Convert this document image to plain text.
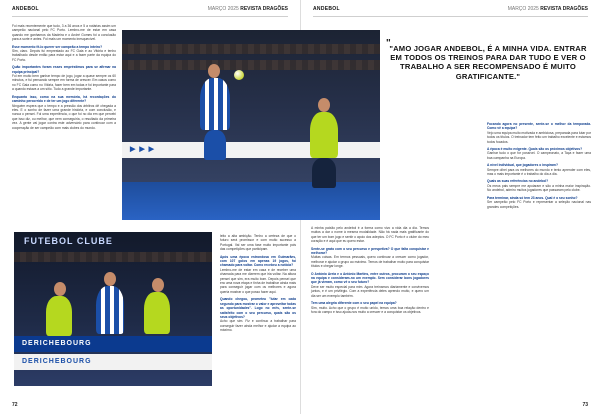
ANDEBOL	MARÇO 2025 REVISTA DRAGÕES

Foi mais recentemente que tudo, 3 a 36 anos e 5 a notárias assim um campeão nacional pelo FC Porto. Lembro-me de estar em casa quando me ganhamos da Madeira e o André Gomes foi a conclusão para a sorte e antes. Foi mais um momento inesquecível.

Esse momento fê-lo querer ser campeão a tempo inteiro?

Sim, claro. Depois fui emprestado ao FC Gaia e ao Vitória e tenho trabalhado desde então para estar aqui e a fazer parte da equipa do FC Porto.

Quão importantes foram esses empréstimos para se afirmar na equipa principal?

Foi em muito bem ganhar tempo de jogo, jogar a quase sempre os 60 minutos, e fui pensando sempre em forma de crescer. Em casos como no FC Gaia como no Vitória, fazer bem em todas e foi importante para a quando estava a um sítio. Tudo a grande importante.

Enquanto isso, como na sua memória, há recordações do caminho percorrido e de ter um jogo diferente?

Ninguém espera que o tempo e a pressão dos árbitros dê chegada a eles. E o sonho de fazer uma grande história, e com conclusão, e nunca o pensei. Foi uma experiência, o que foi no dia em que percebi que isso diz, ou melhor, que nem conseguiria, o resultado da primeira vez. A gente vai jogar contra este adversário para continuar com a cooperação de ser campeão com mais clubes do mundo.

leito a alta ambição. Tenho a certeza de que o futuro será promissor e com muito sucesso a Portugal. Vai ser uma fase muito importante pois das competições que participam.

Após uma época estrondosa em Guimarães, com 107 golos em apenas 19 jogos, foi chamado para voltar. Como recebeu a notícia?

Lembro-me de estar em casa e de receber uma chamada para me dizerem que iria voltar. Na altura pensei que sim, era muito bom. Depois pensei que era uma nova etapa e tinha de trabalhar ainda mais para conseguir jogar com os melhores e agora queria mostrar o que posso fazer aqui.

Quando chegou, prometeu "lutar em cada segundo para mostrar o valor e aproveitar todas as oportunidades". Logo no mês, sente-se satisfeito com o seu percurso, quais são os seus objetivos?

Acho que sim. Fiz e continuo a trabalhar para conseguir fazer ainda melhor e ajudar a equipa ao máximo.

72
ANDEBOL	MARÇO 2025 REVISTA DRAGÕES

A minha paixão pelo andebol é a forma como vivo a vida dia a dia. Temos muitos a dar o nome à mesma modalidade. Não há nada mais gratificante do que ter um bom jogo e sentir o apoio dos adeptos. O FC Porto é o clube do meu coração e é aqui que eu quero estar.

Sente-se grato com o seu percurso e perspetiva? O que falta conquistar e melhorar?

Muitas coisas. Em termos pessoais, quero continuar a crescer como jogador, melhorar e ajudar o grupo ao máximo. Temos de trabalhar muito para conquistar títulos e chegar longe.

O António Areia e o António Martins, entre outros, procuram o seu espaço na equipa e consideram-no um exemplo. Sem considerar bons jogadores que já vieram, como vê o seu futuro?

Deve ser muito especial para mim. Agora treinamos diariamente e convivemos juntos, e é um privilégio. Com a experiência deles aprendo muito, e quero um dia ser um exemplo também.

Tem uma alegria diferente com o seu papel na equipa?

Sim, muito. Acho que o grupo é muito unido, temos uma boa relação dentro e fora do campo e isso ajuda-nos muito a crescer e a conquistar os objetivos.

Focando agora no presente, sente-se o melhor da temporada. Como vê a equipa?

Vejo uma equipa muito motivada e ambiciosa, preparada para lutar por todos os títulos. O treinador tem feito um trabalho excelente e estamos todos focados.

A época é muito exigente. Quais são os próximos objetivos?

Ganhar tudo o que for possível. O campeonato, a Taça e fazer uma boa campanha na Europa.

A nível individual, que jogadores o inspiram?

Sempre olhei para os melhores do mundo e tento aprender com eles, mas o mais importante é o trabalho do dia a dia.

Quais as suas referências no andebol?

Os meus pais sempre me apoiaram e são a minha maior inspiração. No andebol, admiro muitos jogadores que passaram pelo clube.

Para terminar, ainda só tem 23 anos. Qual é o seu sonho?

Ser campeão pelo FC Porto e representar a seleção nacional nas grandes competições.

73
▶ ▶ ▶
"
"AMO JOGAR ANDEBOL, É A MINHA VIDA. ENTRAR EM TODOS OS TREINOS PARA DAR TUDO E VER O TRABALHO A SER RECOMPENSADO É MUITO GRATIFICANTE."
FUTEBOL CLUBE
DERICHEBOURG
DERICHEBOURG
